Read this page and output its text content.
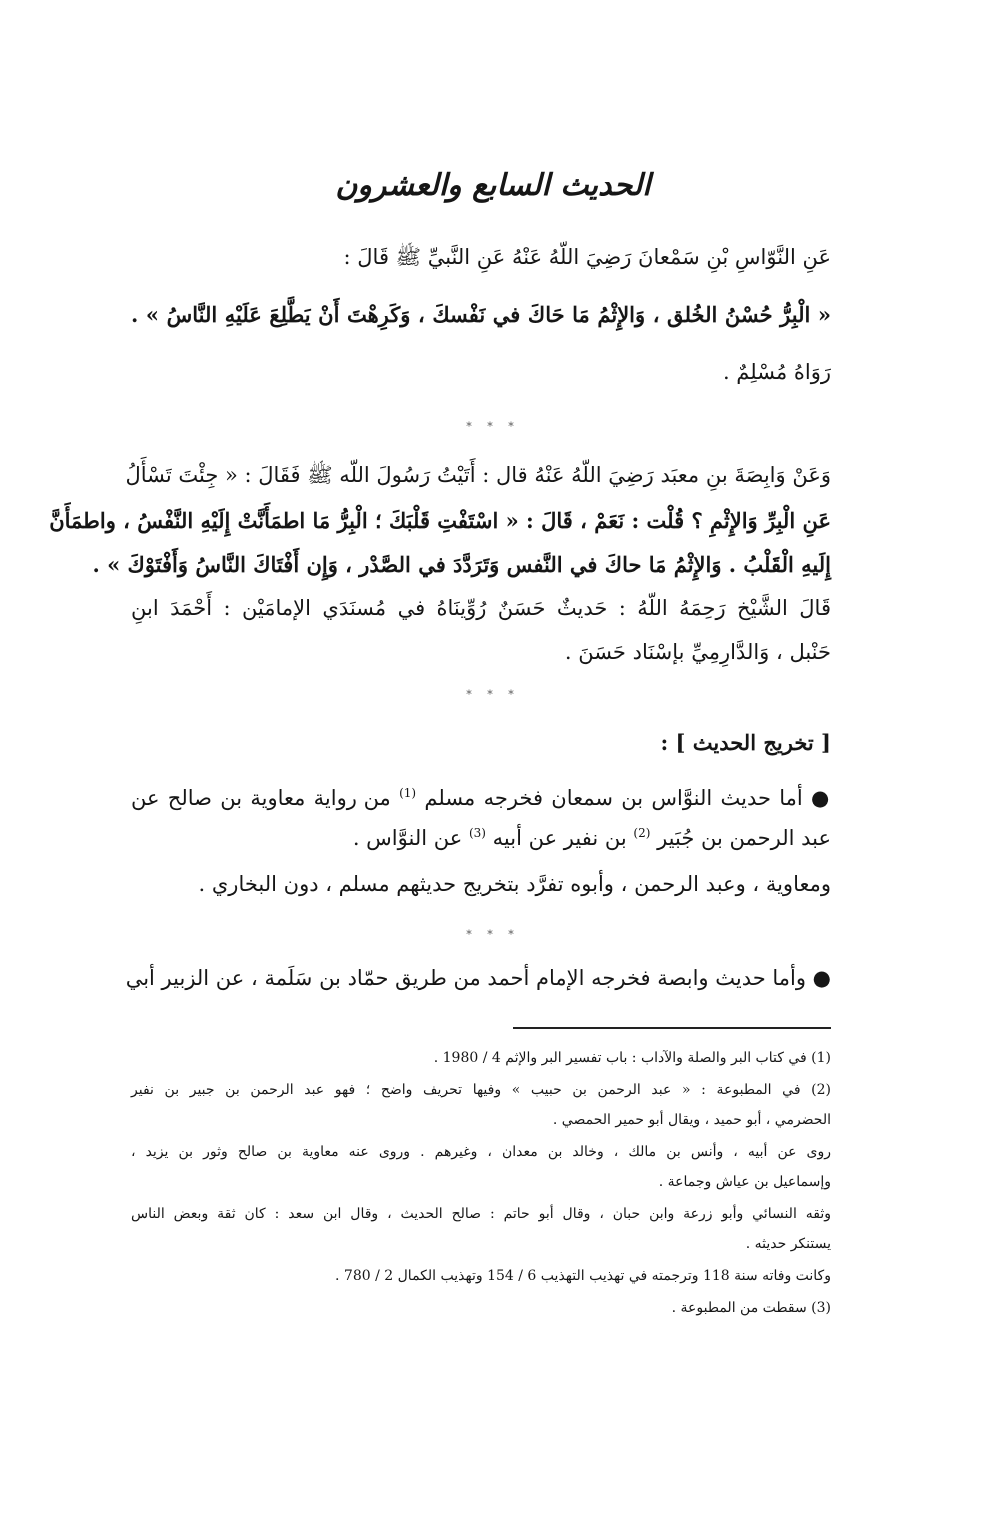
الحديث السابع والعشرون
عَنِ النَّوّاسِ بْنِ سَمْعانَ رَضِيَ اللّهُ عَنْهُ عَنِ النَّبيِّ ﷺ قَالَ :
« الْبِرُّ حُسْنُ الخُلق ، وَالإِثْمُ مَا حَاكَ في نَفْسكَ ، وَكَرِهْتَ أَنْ يَطَّلِعَ عَلَيْهِ النَّاسُ » .
رَوَاهُ مُسْلِمٌ .
* * *
وَعَنْ وَابِصَةَ بنِ معبَد رَضِيَ اللّهُ عَنْهُ قال : أَتَيْتُ رَسُولَ اللّه ﷺ فَقَالَ : « جِئْتَ تَسْأَلُ
عَنِ الْبِرِّ وَالإِثْمِ ؟ قُلْت : نَعَمْ ، قَالَ : « اسْتَفْتِ قَلْبَكَ ؛ الْبِرُّ مَا اطمَأَنَّتْ إِلَيْهِ النَّفْسُ ، واطمَأَنَّ
إِلَيهِ الْقَلْبُ . وَالإِثْمُ مَا حاكَ في النَّفس وَتَرَدَّدَ في الصَّدْر ، وَإِن أَفْتَاكَ النَّاسُ وَأَفْتَوْكَ » .
قَالَ الشَّيْخ رَحِمَهُ اللّهُ : حَديثٌ حَسَنٌ رُوِّينَاهُ في مُسنَدَي الإمامَيْن : أَحْمَدَ ابنِ
حَنْبل ، وَالدَّارِمِيِّ بإسْنَاد حَسَنَ .
* * *
[ تخريج الحديث ] :
● أما حديث النوَّاس بن سمعان فخرجه مسلم $^{(1)}$ من رواية معاوية بن صالح عن
عبد الرحمن بن جُبَير $^{(2)}$ بن نفير عن أبيه $^{(3)}$ عن النوَّاس .
ومعاوية ، وعبد الرحمن ، وأبوه تفرَّد بتخريج حديثهم مسلم ، دون البخاري .
* * *
● وأما حديث وابصة فخرجه الإمام أحمد من طريق حمّاد بن سَلَمة ، عن الزبير أبي
(1) في كتاب البر والصلة والآداب : باب تفسير البر والإثم 4 / 1980 .
(2) في المطبوعة : « عبد الرحمن بن حبيب » وفيها تحريف واضح ؛ فهو عبد الرحمن بن جبير بن نفير
الحضرمي ، أبو حميد ، ويقال أبو حمير الحمصي .
روى عن أبيه ، وأنس بن مالك ، وخالد بن معدان ، وغيرهم . وروى عنه معاوية بن صالح وثور بن يزيد ،
وإسماعيل بن عياش وجماعة .
وثقه النسائي وأبو زرعة وابن حبان ، وقال أبو حاتم : صالح الحديث ، وقال ابن سعد : كان ثقة وبعض الناس
يستنكر حديثه .
وكانت وفاته سنة 118 وترجمته في تهذيب التهذيب 6 / 154 وتهذيب الكمال 2 / 780 .
(3) سقطت من المطبوعة .
